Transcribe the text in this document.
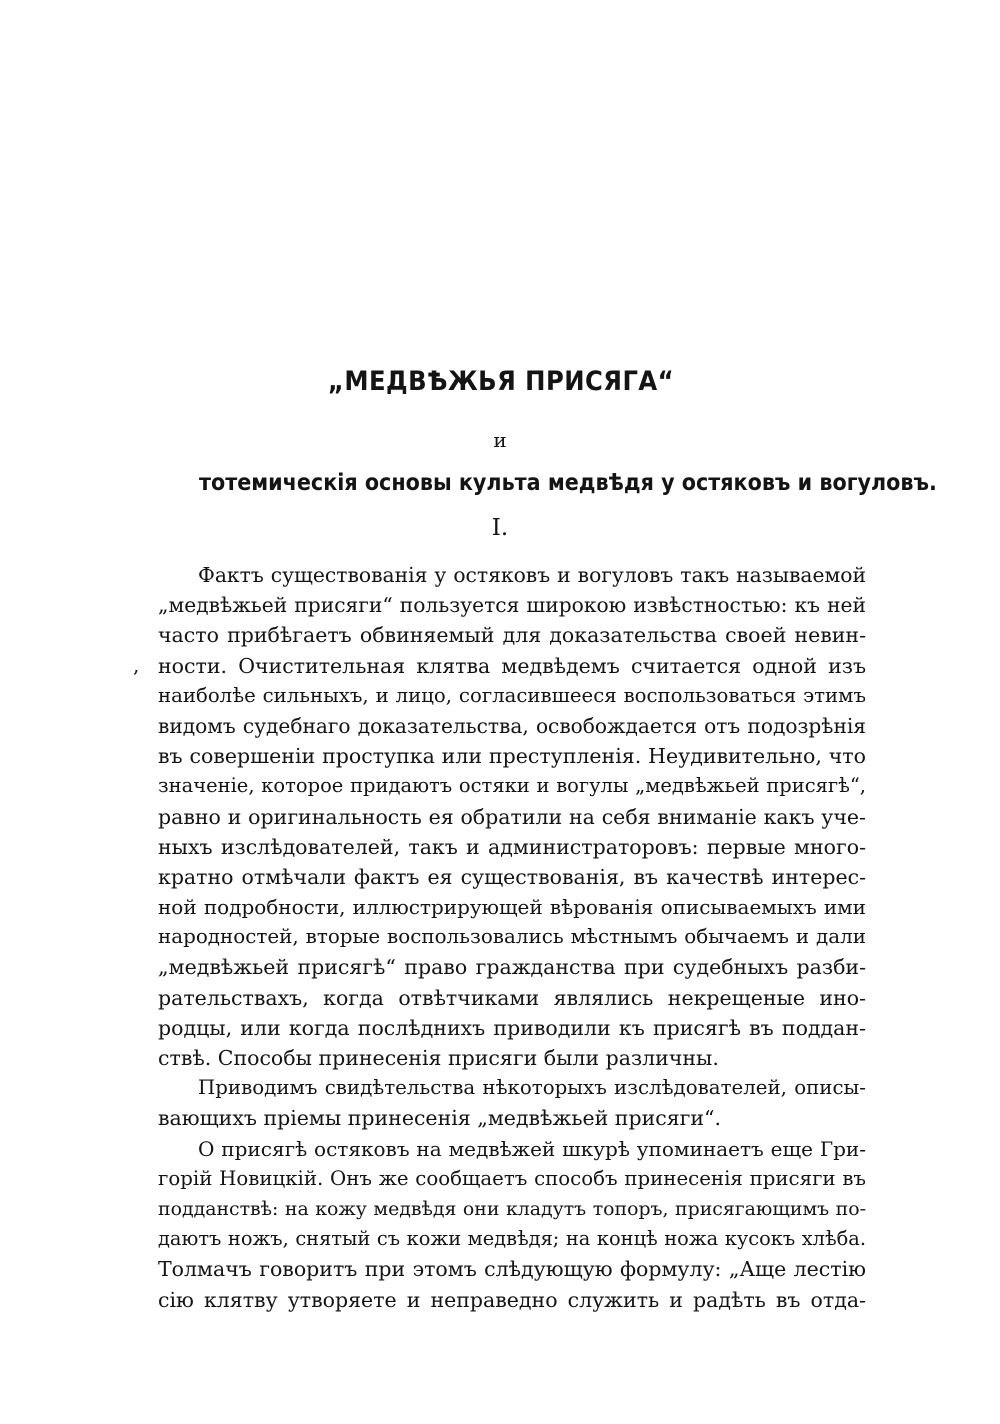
„МЕДВѢЖЬЯ ПРИСЯГА“

и

тотемическія основы культа медвѣдя у остяковъ и вогуловъ.

I.

,
Фактъ существованія у остяковъ и вогуловъ такъ называемой
„медвѣжьей присяги“ пользуется широкою извѣстностью: къ ней
часто прибѣгаетъ обвиняемый для доказательства своей невин-
ности. Очистительная клятва медвѣдемъ считается одной изъ
наиболѣе сильныхъ, и лицо, согласившееся воспользоваться этимъ
видомъ судебнаго доказательства, освобождается отъ подозрѣнія
въ совершеніи проступка или преступленія. Неудивительно, что
значеніе, которое придаютъ остяки и вогулы „медвѣжьей присягѣ“,
равно и оригинальность ея обратили на себя вниманіе какъ уче-
ныхъ изслѣдователей, такъ и администраторовъ: первые много-
кратно отмѣчали фактъ ея существованія, въ качествѣ интерес-
ной подробности, иллюстрирующей вѣрованія описываемыхъ ими
народностей, вторые воспользовались мѣстнымъ обычаемъ и дали
„медвѣжьей присягѣ“ право гражданства при судебныхъ разби-
рательствахъ, когда отвѣтчиками являлись некрещеные ино-
родцы, или когда послѣднихъ приводили къ присягѣ въ поддан-
ствѣ. Способы принесенія присяги были различны.
Приводимъ свидѣтельства нѣкоторыхъ изслѣдователей, описы-
вающихъ пріемы принесенія „медвѣжьей присяги“.
О присягѣ остяковъ на медвѣжей шкурѣ упоминаетъ еще Гри-
горій Новицкій. Онъ же сообщаетъ способъ принесенія присяги въ
подданствѣ: на кожу медвѣдя они кладутъ топоръ, присягающимъ по-
даютъ ножъ, снятый съ кожи медвѣдя; на концѣ ножа кусокъ хлѣба.
Толмачъ говоритъ при этомъ слѣдующую формулу: „Аще лестію
сію клятву утворяете и неправедно служить и радѣть въ отда-
